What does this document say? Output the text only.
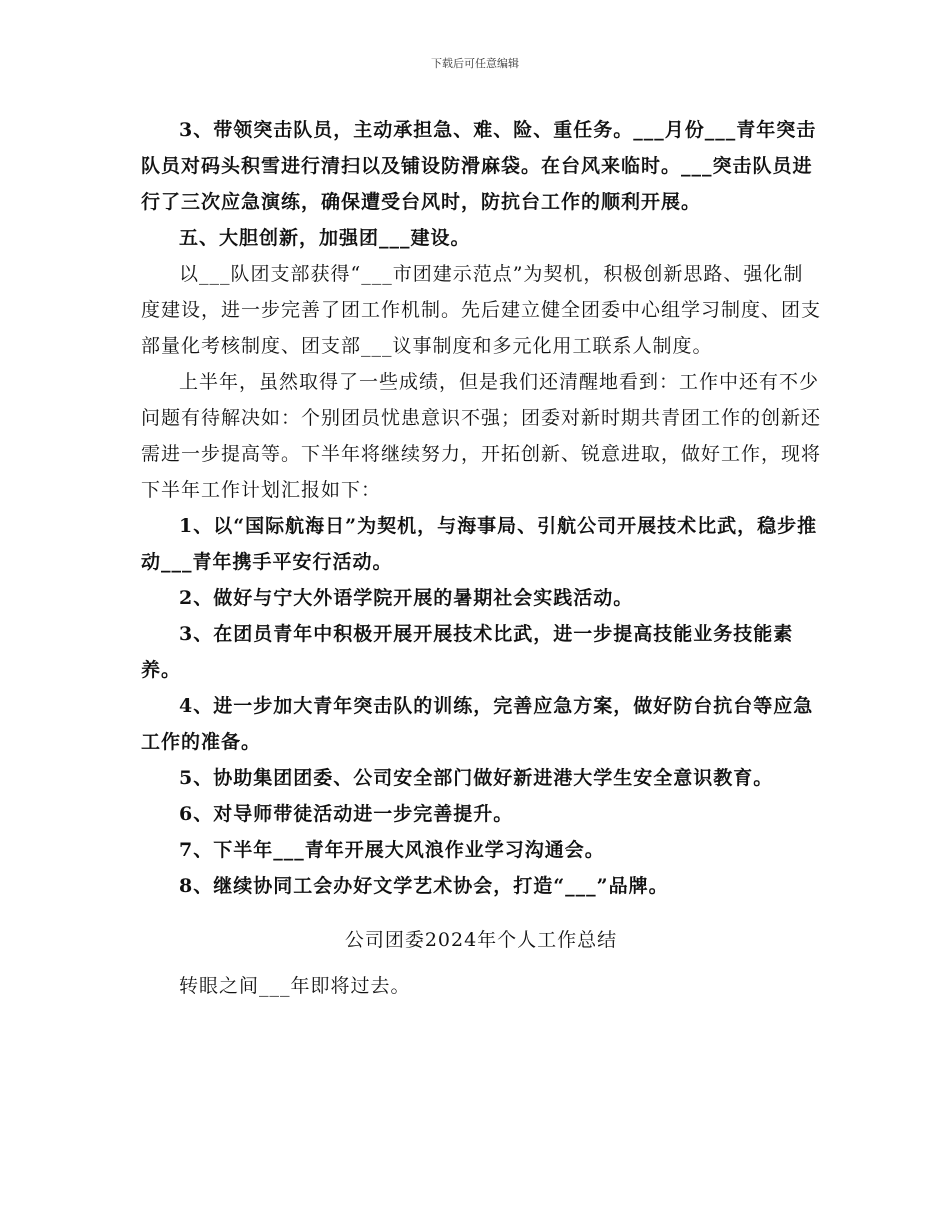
下载后可任意编辑

3、带领突击队员，主动承担急、难、险、重任务。___月份___青年突击队员对码头积雪进行清扫以及铺设防滑麻袋。在台风来临时。___突击队员进行了三次应急演练，确保遭受台风时，防抗台工作的顺利开展。

五、大胆创新，加强团___建设。

以___队团支部获得“___市团建示范点”为契机，积极创新思路、强化制度建设，进一步完善了团工作机制。先后建立健全团委中心组学习制度、团支部量化考核制度、团支部___议事制度和多元化用工联系人制度。

上半年，虽然取得了一些成绩，但是我们还清醒地看到：工作中还有不少问题有待解决如：个别团员忧患意识不强；团委对新时期共青团工作的创新还需进一步提高等。下半年将继续努力，开拓创新、锐意进取，做好工作，现将下半年工作计划汇报如下：

1、以“国际航海日”为契机，与海事局、引航公司开展技术比武，稳步推动___青年携手平安行活动。

2、做好与宁大外语学院开展的暑期社会实践活动。

3、在团员青年中积极开展开展技术比武，进一步提高技能业务技能素养。

4、进一步加大青年突击队的训练，完善应急方案，做好防台抗台等应急工作的准备。

5、协助集团团委、公司安全部门做好新进港大学生安全意识教育。

6、对导师带徒活动进一步完善提升。

7、下半年___青年开展大风浪作业学习沟通会。

8、继续协同工会办好文学艺术协会，打造“___”品牌。

公司团委2024年个人工作总结

转眼之间___年即将过去。
